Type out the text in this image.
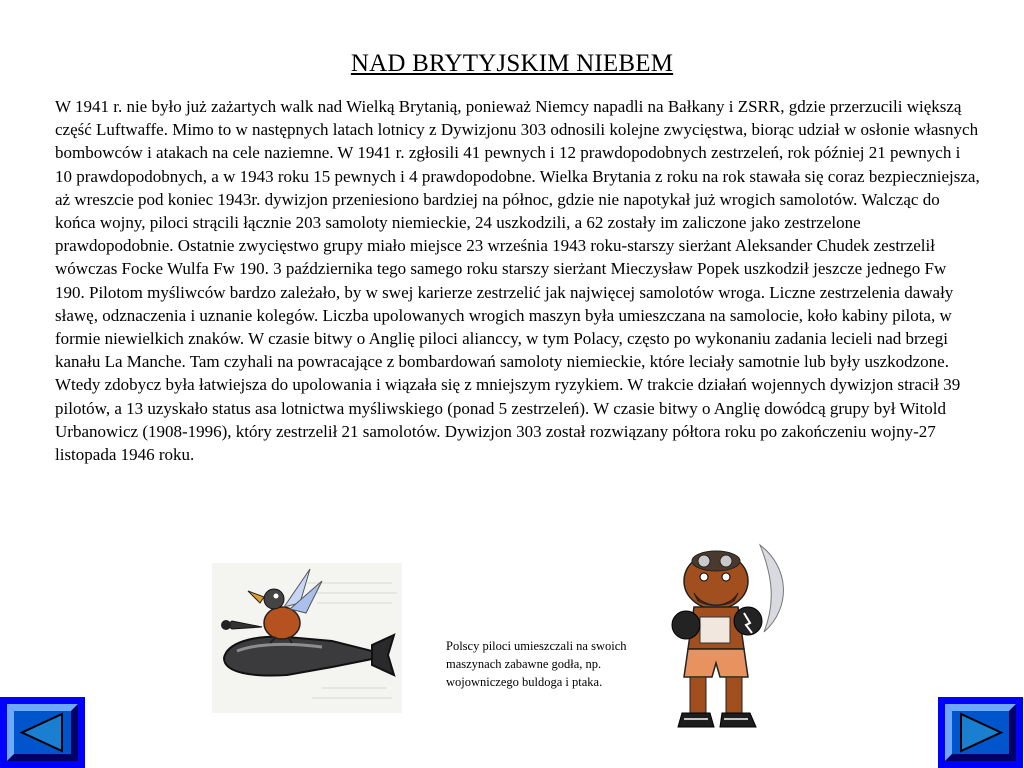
NAD BRYTYJSKIM NIEBEM

W 1941 r. nie było już zażartych walk nad Wielką Brytanią, ponieważ Niemcy napadli na Bałkany i ZSRR, gdzie przerzucili większą część Luftwaffe. Mimo to w następnych latach lotnicy z Dywizjonu 303 odnosili kolejne zwycięstwa, biorąc udział w osłonie własnych bombowców i atakach na cele naziemne. W 1941 r. zgłosili 41 pewnych i 12 prawdopodobnych zestrzeleń, rok później 21 pewnych i 10 prawdopodobnych, a w 1943 roku 15 pewnych i 4 prawdopodobne. Wielka Brytania z roku na rok stawała się coraz bezpieczniejsza, aż wreszcie pod koniec 1943r. dywizjon przeniesiono bardziej na północ, gdzie nie napotykał już wrogich samolotów. Walcząc do końca wojny, piloci strącili łącznie 203 samoloty niemieckie, 24 uszkodzili, a 62 zostały im zaliczone jako zestrzelone prawdopodobnie. Ostatnie zwycięstwo grupy miało miejsce 23 września 1943 roku-starszy sierżant Aleksander Chudek zestrzelił wówczas Focke Wulfa Fw 190. 3 października tego samego roku starszy sierżant Mieczysław Popek uszkodził jeszcze jednego Fw 190. Pilotom myśliwców bardzo zależało, by w swej karierze zestrzelić jak najwięcej samolotów wroga. Liczne zestrzelenia dawały sławę, odznaczenia i uznanie kolegów. Liczba upolowanych wrogich maszyn była umieszczana na samolocie, koło kabiny pilota, w formie niewielkich znaków. W czasie bitwy o Anglię piloci alianccy, w tym Polacy, często po wykonaniu zadania lecieli nad brzegi kanału La Manche. Tam czyhali na powracające z bombardowań samoloty niemieckie, które leciały samotnie lub były uszkodzone. Wtedy zdobycz była łatwiejsza do upolowania i wiązała się z mniejszym ryzykiem. W trakcie działań wojennych dywizjon stracił 39 pilotów, a 13 uzyskało status asa lotnictwa myśliwskiego (ponad 5 zestrzeleń). W czasie bitwy o Anglię dowódcą grupy był Witold Urbanowicz (1908-1996), który zestrzelił 21 samolotów. Dywizjon 303 został rozwiązany półtora roku po zakończeniu wojny-27 listopada 1946 roku.

Polscy piloci umieszczali na swoich maszynach zabawne godła, np. wojowniczego buldoga i ptaka.
